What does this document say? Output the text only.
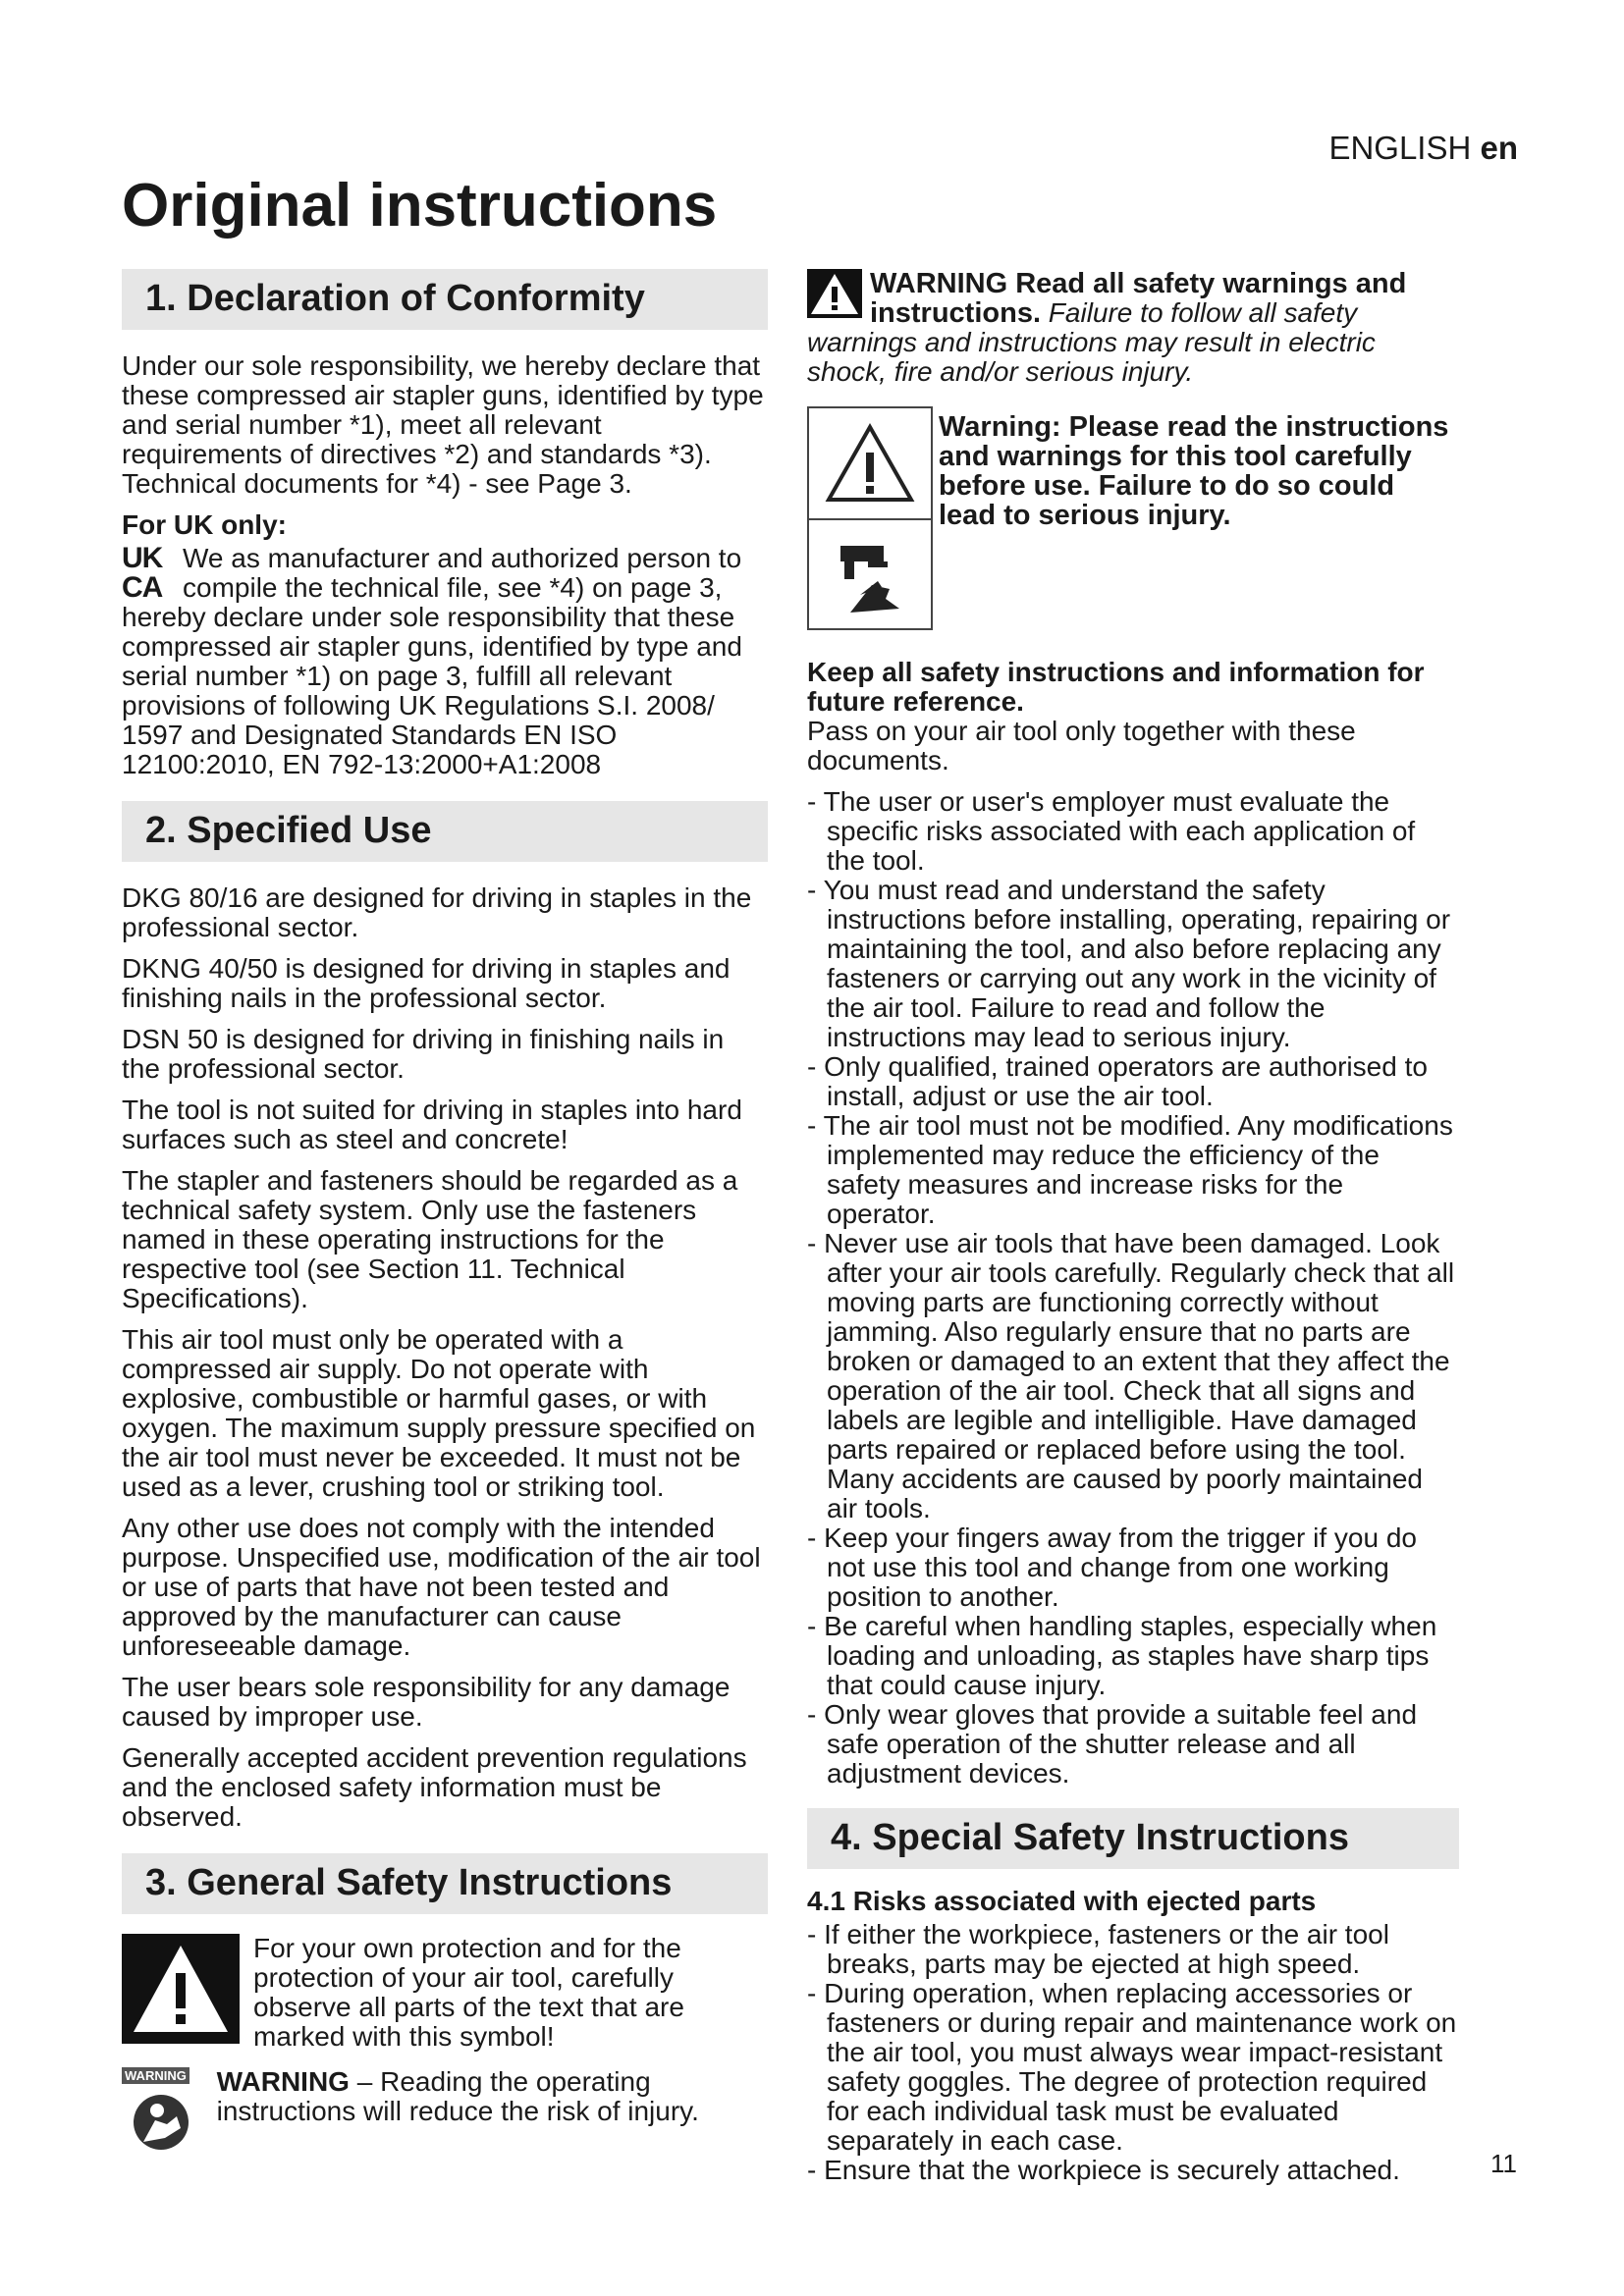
ENGLISH en
Original instructions
1. Declaration of Conformity

Under our sole responsibility, we hereby declare that these compressed air stapler guns, identified by type and serial number *1), meet all relevant requirements of directives *2) and standards *3). Technical documents for *4) - see Page 3.

For UK only:

UK
CA

We as manufacturer and authorized person to compile the technical file, see *4) on page 3, hereby declare under sole responsibility that these compressed air stapler guns, identified by type and serial number *1) on page 3, fulfill all relevant provisions of following UK Regulations S.I. 2008/ 1597 and Designated Standards EN ISO 12100:2010, EN 792-13:2000+A1:2008

2. Specified Use

DKG 80/16 are designed for driving in staples in the professional sector.

DKNG 40/50 is designed for driving in staples and finishing nails in the professional sector.

DSN 50 is designed for driving in finishing nails in the professional sector.

The tool is not suited for driving in staples into hard surfaces such as steel and concrete!

The stapler and fasteners should be regarded as a technical safety system. Only use the fasteners named in these operating instructions for the respective tool (see Section 11. Technical Specifications).

This air tool must only be operated with a compressed air supply. Do not operate with explosive, combustible or harmful gases, or with oxygen. The maximum supply pressure specified on the air tool must never be exceeded. It must not be used as a lever, crushing tool or striking tool.

Any other use does not comply with the intended purpose. Unspecified use, modification of the air tool or use of parts that have not been tested and approved by the manufacturer can cause unforeseeable damage.

The user bears sole responsibility for any damage caused by improper use.

Generally accepted accident prevention regulations and the enclosed safety information must be observed.

3. General Safety Instructions

For your own protection and for the protection of your air tool, carefully observe all parts of the text that are marked with this symbol!

WARNING	WARNING – Reading the operating instructions will reduce the risk of injury.

WARNING Read all safety warnings and instructions. Failure to follow all safety warnings and instructions may result in electric shock, fire and/or serious injury.

Warning: Please read the instructions and warnings for this tool carefully before use. Failure to do so could lead to serious injury.

Keep all safety instructions and information for future reference.

Pass on your air tool only together with these documents.

- The user or user's employer must evaluate the specific risks associated with each application of the tool.
- You must read and understand the safety instructions before installing, operating, repairing or maintaining the tool, and also before replacing any fasteners or carrying out any work in the vicinity of the air tool. Failure to read and follow the instructions may lead to serious injury.
- Only qualified, trained operators are authorised to install, adjust or use the air tool.
- The air tool must not be modified. Any modifications implemented may reduce the efficiency of the safety measures and increase risks for the operator.
- Never use air tools that have been damaged. Look after your air tools carefully. Regularly check that all moving parts are functioning correctly without jamming. Also regularly ensure that no parts are broken or damaged to an extent that they affect the operation of the air tool. Check that all signs and labels are legible and intelligible. Have damaged parts repaired or replaced before using the tool. Many accidents are caused by poorly maintained air tools.
- Keep your fingers away from the trigger if you do not use this tool and change from one working position to another.
- Be careful when handling staples, especially when loading and unloading, as staples have sharp tips that could cause injury.
- Only wear gloves that provide a suitable feel and safe operation of the shutter release and all adjustment devices.
4. Special Safety Instructions

4.1 Risks associated with ejected parts

- If either the workpiece, fasteners or the air tool breaks, parts may be ejected at high speed.
- During operation, when replacing accessories or fasteners or during repair and maintenance work on the air tool, you must always wear impact-resistant safety goggles. The degree of protection required for each individual task must be evaluated separately in each case.
- Ensure that the workpiece is securely attached.	11
